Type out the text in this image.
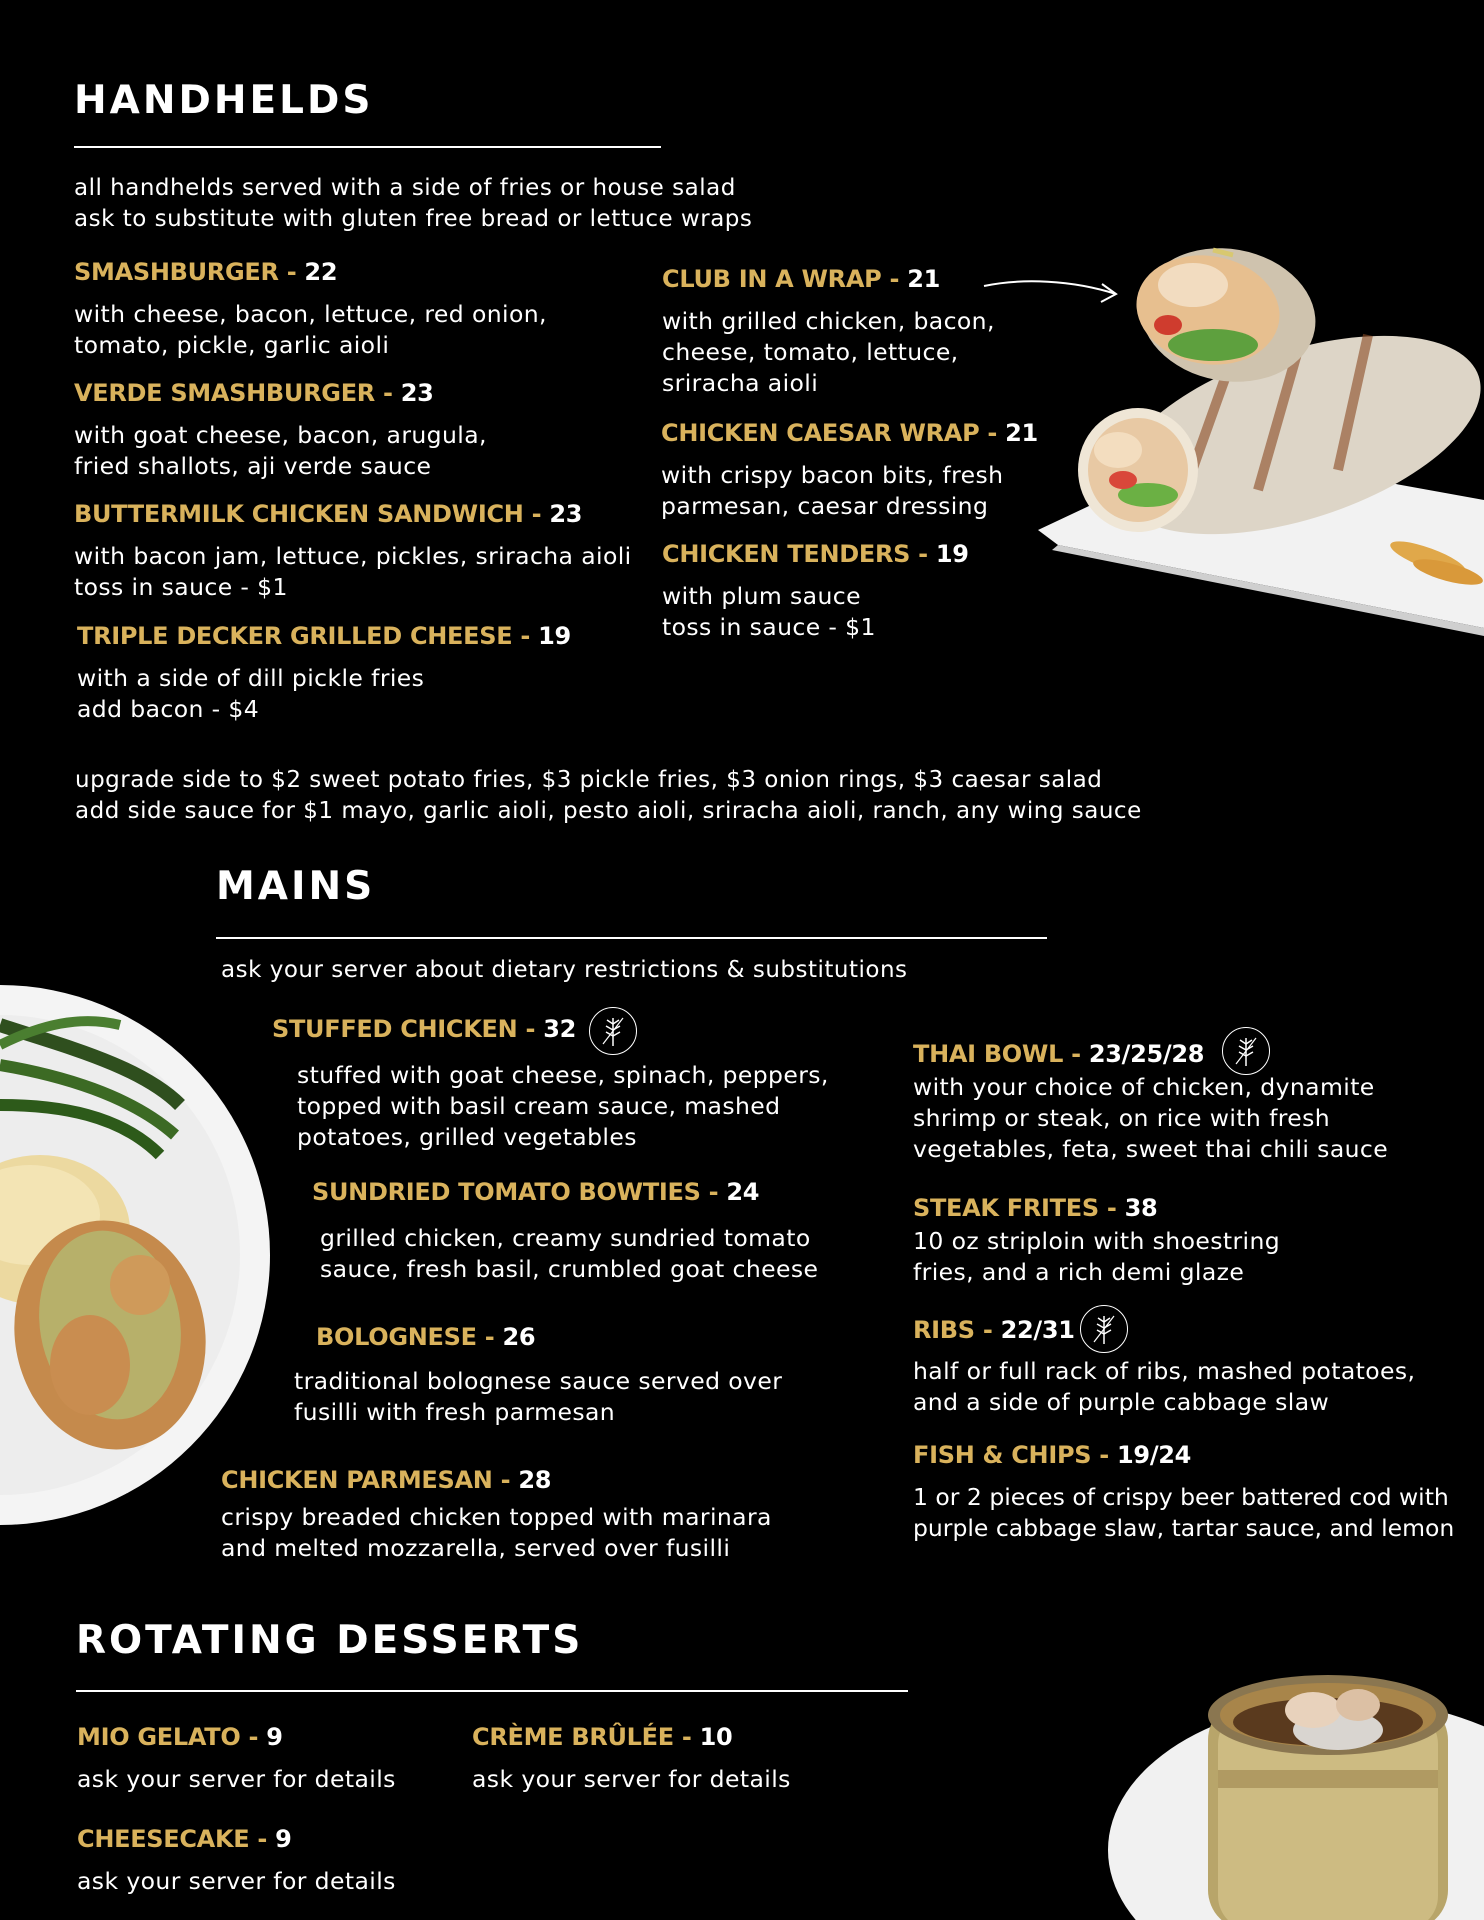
HANDHELDS
all handhelds served with a side of fries or house salad
ask to substitute with gluten free bread or lettuce wraps
SMASHBURGER - 22
with cheese, bacon, lettuce, red onion,
tomato, pickle, garlic aioli
VERDE SMASHBURGER - 23
with goat cheese, bacon, arugula,
fried shallots, aji verde sauce
BUTTERMILK CHICKEN SANDWICH - 23
with bacon jam, lettuce, pickles, sriracha aioli
toss in sauce - $1
TRIPLE DECKER GRILLED CHEESE - 19
with a side of dill pickle fries
add bacon - $4
CLUB IN A WRAP - 21
with grilled chicken, bacon,
cheese, tomato, lettuce,
sriracha aioli
CHICKEN CAESAR WRAP - 21
with crispy bacon bits, fresh
parmesan, caesar dressing
CHICKEN TENDERS - 19
with plum sauce
toss in sauce - $1
upgrade side to $2 sweet potato fries, $3 pickle fries, $3 onion rings, $3 caesar salad
add side sauce for $1 mayo, garlic aioli, pesto aioli, sriracha aioli, ranch, any wing sauce
MAINS
ask your server about dietary restrictions & substitutions
STUFFED CHICKEN - 32
stuffed with goat cheese, spinach, peppers,
topped with basil cream sauce, mashed
potatoes, grilled vegetables
SUNDRIED TOMATO BOWTIES - 24
grilled chicken, creamy sundried tomato
sauce, fresh basil, crumbled goat cheese
BOLOGNESE - 26
traditional bolognese sauce served over
fusilli with fresh parmesan
CHICKEN PARMESAN - 28
crispy breaded chicken topped with marinara
and melted mozzarella, served over fusilli
THAI BOWL - 23/25/28
with your choice of chicken, dynamite
shrimp or steak, on rice with fresh
vegetables, feta, sweet thai chili sauce
STEAK FRITES - 38
10 oz striploin with shoestring
fries, and a rich demi glaze
RIBS - 22/31
half or full rack of ribs, mashed potatoes,
and a side of purple cabbage slaw
FISH & CHIPS - 19/24
1 or 2 pieces of crispy beer battered cod with
purple cabbage slaw, tartar sauce, and lemon
ROTATING DESSERTS
MIO GELATO - 9
ask your server for details
CRÈME BRÛLÉE - 10
ask your server for details
CHEESECAKE - 9
ask your server for details
